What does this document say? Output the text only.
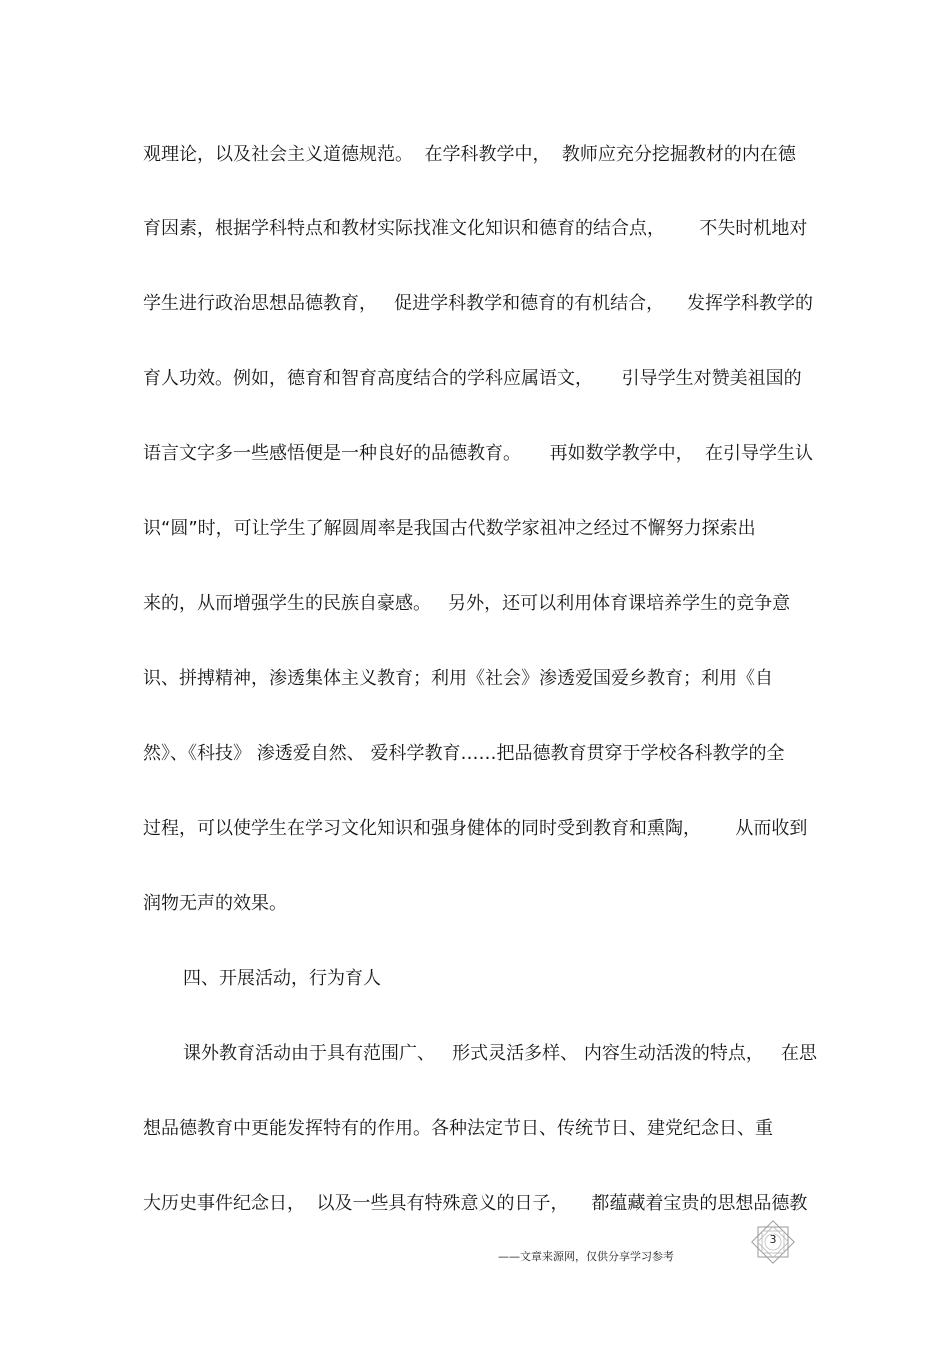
观理论，以及社会主义道德规范。  在学科教学中，  教师应充分挖掘教材的内在德
育因素，根据学科特点和教材实际找准文化知识和德育的结合点，      不失时机地对
学生进行政治思想品德教育，   促进学科教学和德育的有机结合，    发挥学科教学的
育人功效。例如，德育和智育高度结合的学科应属语文，     引导学生对赞美祖国的
语言文字多一些感悟便是一种良好的品德教育。     再如数学教学中，  在引导学生认
识“圆”时，可让学生了解圆周率是我国古代数学家祖冲之经过不懈努力探索出
来的，从而增强学生的民族自豪感。   另外，还可以利用体育课培养学生的竞争意
识、拼搏精神，渗透集体主义教育；利用《社会》渗透爱国爱乡教育；利用《自
然》、《科技》 渗透爱自然、 爱科学教育……把品德教育贯穿于学校各科教学的全
过程，可以使学生在学习文化知识和强身健体的同时受到教育和熏陶，      从而收到
润物无声的效果。
四、开展活动，行为育人
课外教育活动由于具有范围广、   形式灵活多样、 内容生动活泼的特点，   在思
想品德教育中更能发挥特有的作用。各种法定节日、传统节日、建党纪念日、重
大历史事件纪念日，  以及一些具有特殊意义的日子，    都蕴藏着宝贵的思想品德教
3
——文章来源网，仅供分享学习参考
